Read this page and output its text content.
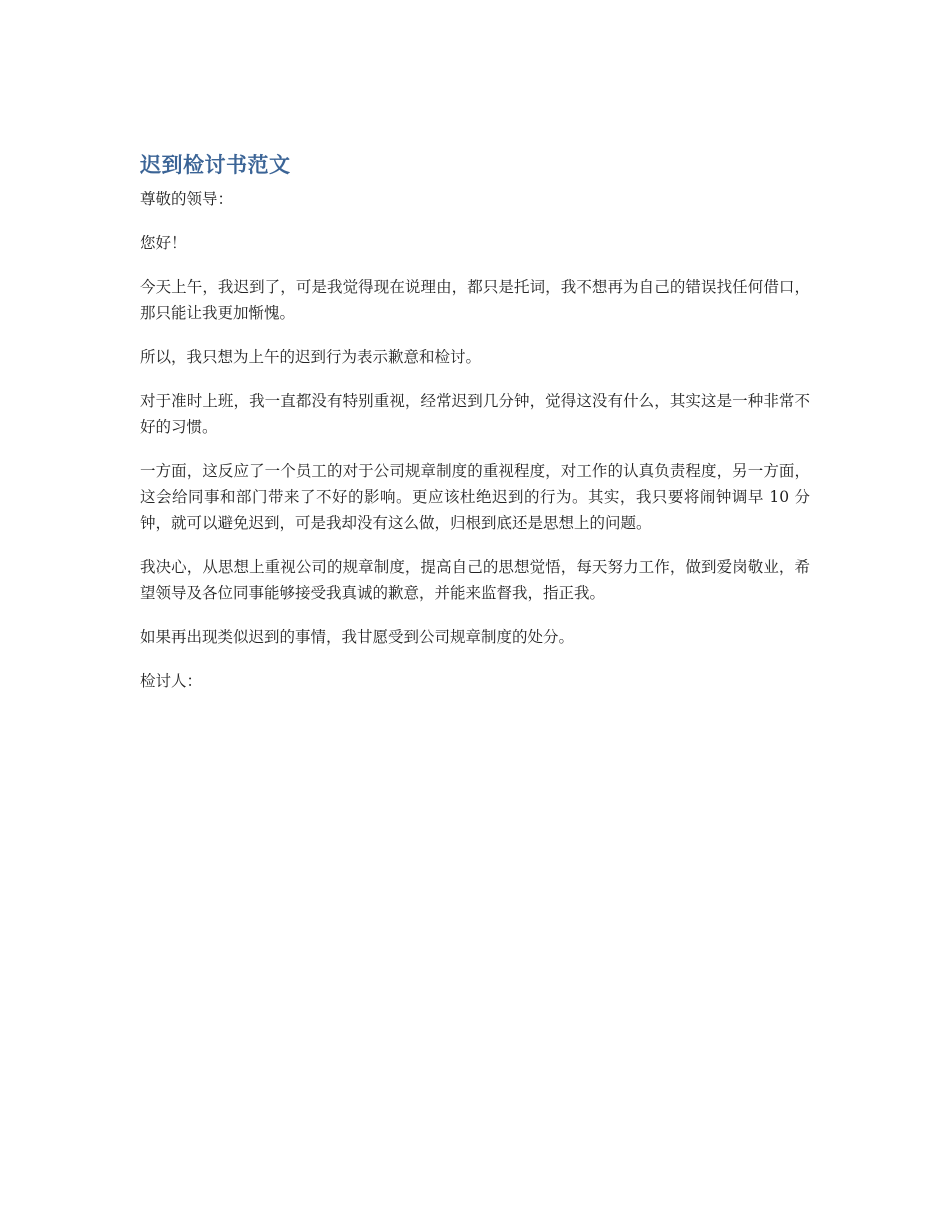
迟到检讨书范文

尊敬的领导：

您好！

今天上午，我迟到了，可是我觉得现在说理由，都只是托词，我不想再为自己的错误找任何借口，那只能让我更加惭愧。

所以，我只想为上午的迟到行为表示歉意和检讨。

对于准时上班，我一直都没有特别重视，经常迟到几分钟，觉得这没有什么，其实这是一种非常不好的习惯。

一方面，这反应了一个员工的对于公司规章制度的重视程度，对工作的认真负责程度，另一方面，这会给同事和部门带来了不好的影响。更应该杜绝迟到的行为。其实，我只要将闹钟调早 10 分钟，就可以避免迟到，可是我却没有这么做，归根到底还是思想上的问题。

我决心，从思想上重视公司的规章制度，提高自己的思想觉悟，每天努力工作，做到爱岗敬业，希望领导及各位同事能够接受我真诚的歉意，并能来监督我，指正我。

如果再出现类似迟到的事情，我甘愿受到公司规章制度的处分。

检讨人：
